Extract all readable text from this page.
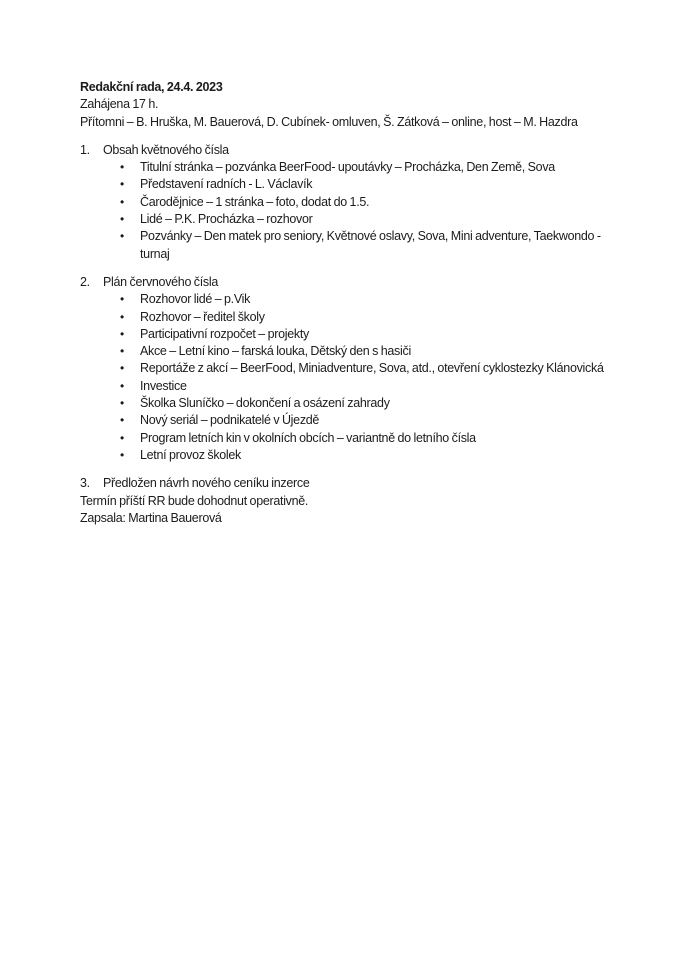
Redakční rada, 24.4. 2023

Zahájena 17 h.

Přítomni – B. Hruška, M. Bauerová, D. Cubínek- omluven, Š. Zátková – online, host – M. Hazdra

1.	Obsah květnového čísla
•	Titulní stránka – pozvánka BeerFood- upoutávky – Procházka, Den Země, Sova
•	Představení radních - L. Václavík
•	Čarodějnice – 1 stránka – foto, dodat do 1.5.
•	Lidé – P.K. Procházka – rozhovor
•	Pozvánky – Den matek pro seniory, Květnové oslavy, Sova, Mini adventure, Taekwondo - turnaj
2.	Plán červnového čísla
•	Rozhovor lidé – p.Vik
•	Rozhovor – ředitel školy
•	Participativní rozpočet – projekty
•	Akce – Letní kino – farská louka, Dětský den s hasiči
•	Reportáže z akcí – BeerFood, Miniadventure, Sova, atd., otevření cyklostezky Klánovická
•	Investice
•	Školka Sluníčko – dokončení a osázení zahrady
•	Nový seriál – podnikatelé v Újezdě
•	Program letních kin v okolních obcích – variantně do letního čísla
•	Letní provoz školek
3.	Předložen návrh nového ceníku inzerce

Termín příští RR bude dohodnut operativně.

Zapsala: Martina Bauerová
